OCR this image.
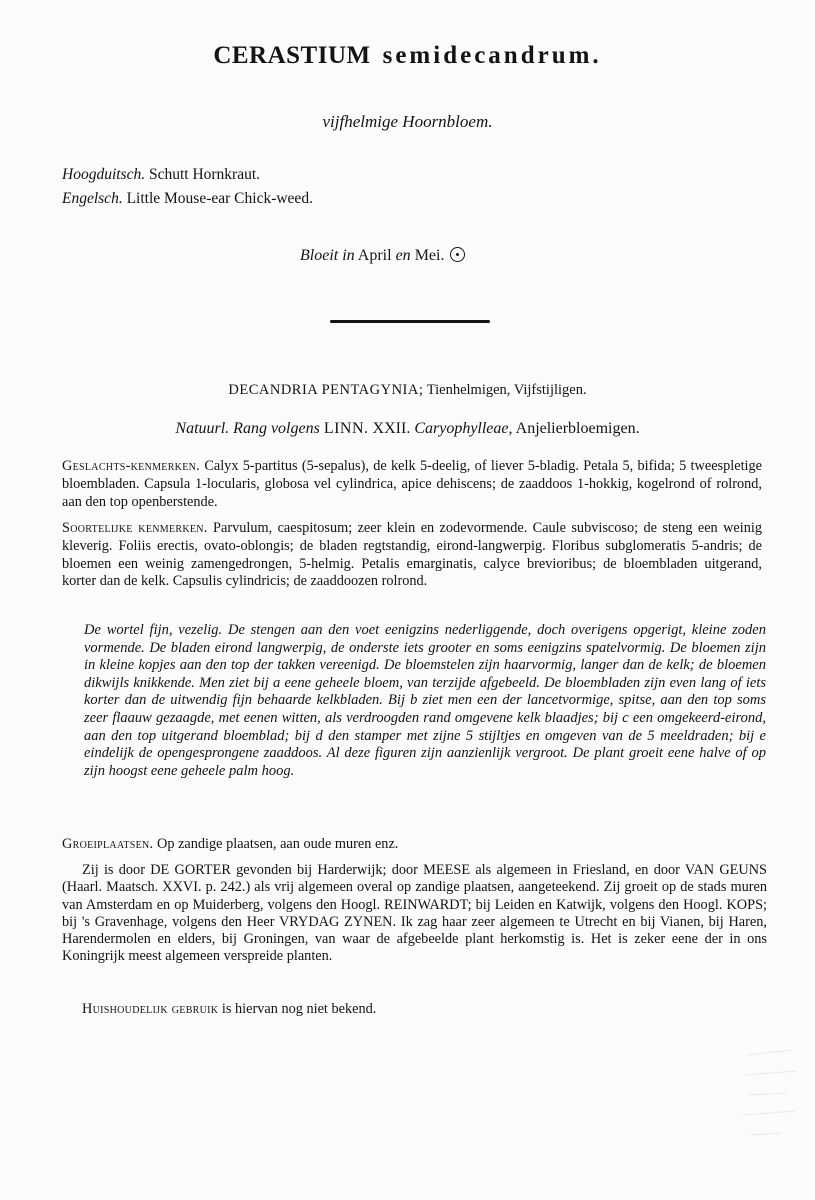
CERASTIUM semidecandrum.
vijfhelmige Hoornbloem.
Hoogduitsch. Schutt Hornkraut.
Engelsch. Little Mouse-ear Chick-weed.
Bloeit in April en Mei.
DECANDRIA PENTAGYNIA; Tienhelmigen, Vijfstijligen.
Natuurl. Rang volgens LINN. XXII. Caryophylleae, Anjelierbloemigen.
Geslachts-kenmerken. Calyx 5-partitus (5-sepalus), de kelk 5-deelig, of liever 5-bladig. Petala 5, bifida; 5 tweespletige bloembladen. Capsula 1-locularis, globosa vel cylindrica, apice dehiscens; de zaaddoos 1-hokkig, kogelrond of rolrond, aan den top openberstende.
Soortelijke kenmerken. Parvulum, caespitosum; zeer klein en zodevormende. Caule subviscoso; de steng een weinig kleverig. Foliis erectis, ovato-oblongis; de bladen regtstandig, eirond-langwerpig. Floribus subglomeratis 5-andris; de bloemen een weinig zamengedrongen, 5-helmig. Petalis emarginatis, calyce brevioribus; de bloembladen uitgerand, korter dan de kelk. Capsulis cylindricis; de zaaddoozen rolrond.
De wortel fijn, vezelig. De stengen aan den voet eenigzins nederliggende, doch overigens opgerigt, kleine zoden vormende. De bladen eirond langwerpig, de onderste iets grooter en soms eenigzins spatelvormig. De bloemen zijn in kleine kopjes aan den top der takken vereenigd. De bloemstelen zijn haarvormig, langer dan de kelk; de bloemen dikwijls knikkende. Men ziet bij a eene geheele bloem, van terzijde afgebeeld. De bloembladen zijn even lang of iets korter dan de uitwendig fijn behaarde kelkbladen. Bij b ziet men een der lancetvormige, spitse, aan den top soms zeer flaauw gezaagde, met eenen witten, als verdroogden rand omgevene kelk blaadjes; bij c een omgekeerd-eirond, aan den top uitgerand bloemblad; bij d den stamper met zijne 5 stijltjes en omgeven van de 5 meeldraden; bij e eindelijk de opengesprongene zaaddoos. Al deze figuren zijn aanzienlijk vergroot. De plant groeit eene halve of op zijn hoogst eene geheele palm hoog.
Groeiplaatsen. Op zandige plaatsen, aan oude muren enz.
Zij is door DE GORTER gevonden bij Harderwijk; door MEESE als algemeen in Friesland, en door VAN GEUNS (Haarl. Maatsch. XXVI. p. 242.) als vrij algemeen overal op zandige plaatsen, aangeteekend. Zij groeit op de stads muren van Amsterdam en op Muiderberg, volgens den Hoogl. REINWARDT; bij Leiden en Katwijk, volgens den Hoogl. KOPS; bij 's Gravenhage, volgens den Heer VRYDAG ZYNEN. Ik zag haar zeer algemeen te Utrecht en bij Vianen, bij Haren, Harendermolen en elders, bij Groningen, van waar de afgebeelde plant herkomstig is. Het is zeker eene der in ons Koningrijk meest algemeen verspreide planten.
Huishoudelijk gebruik is hiervan nog niet bekend.
